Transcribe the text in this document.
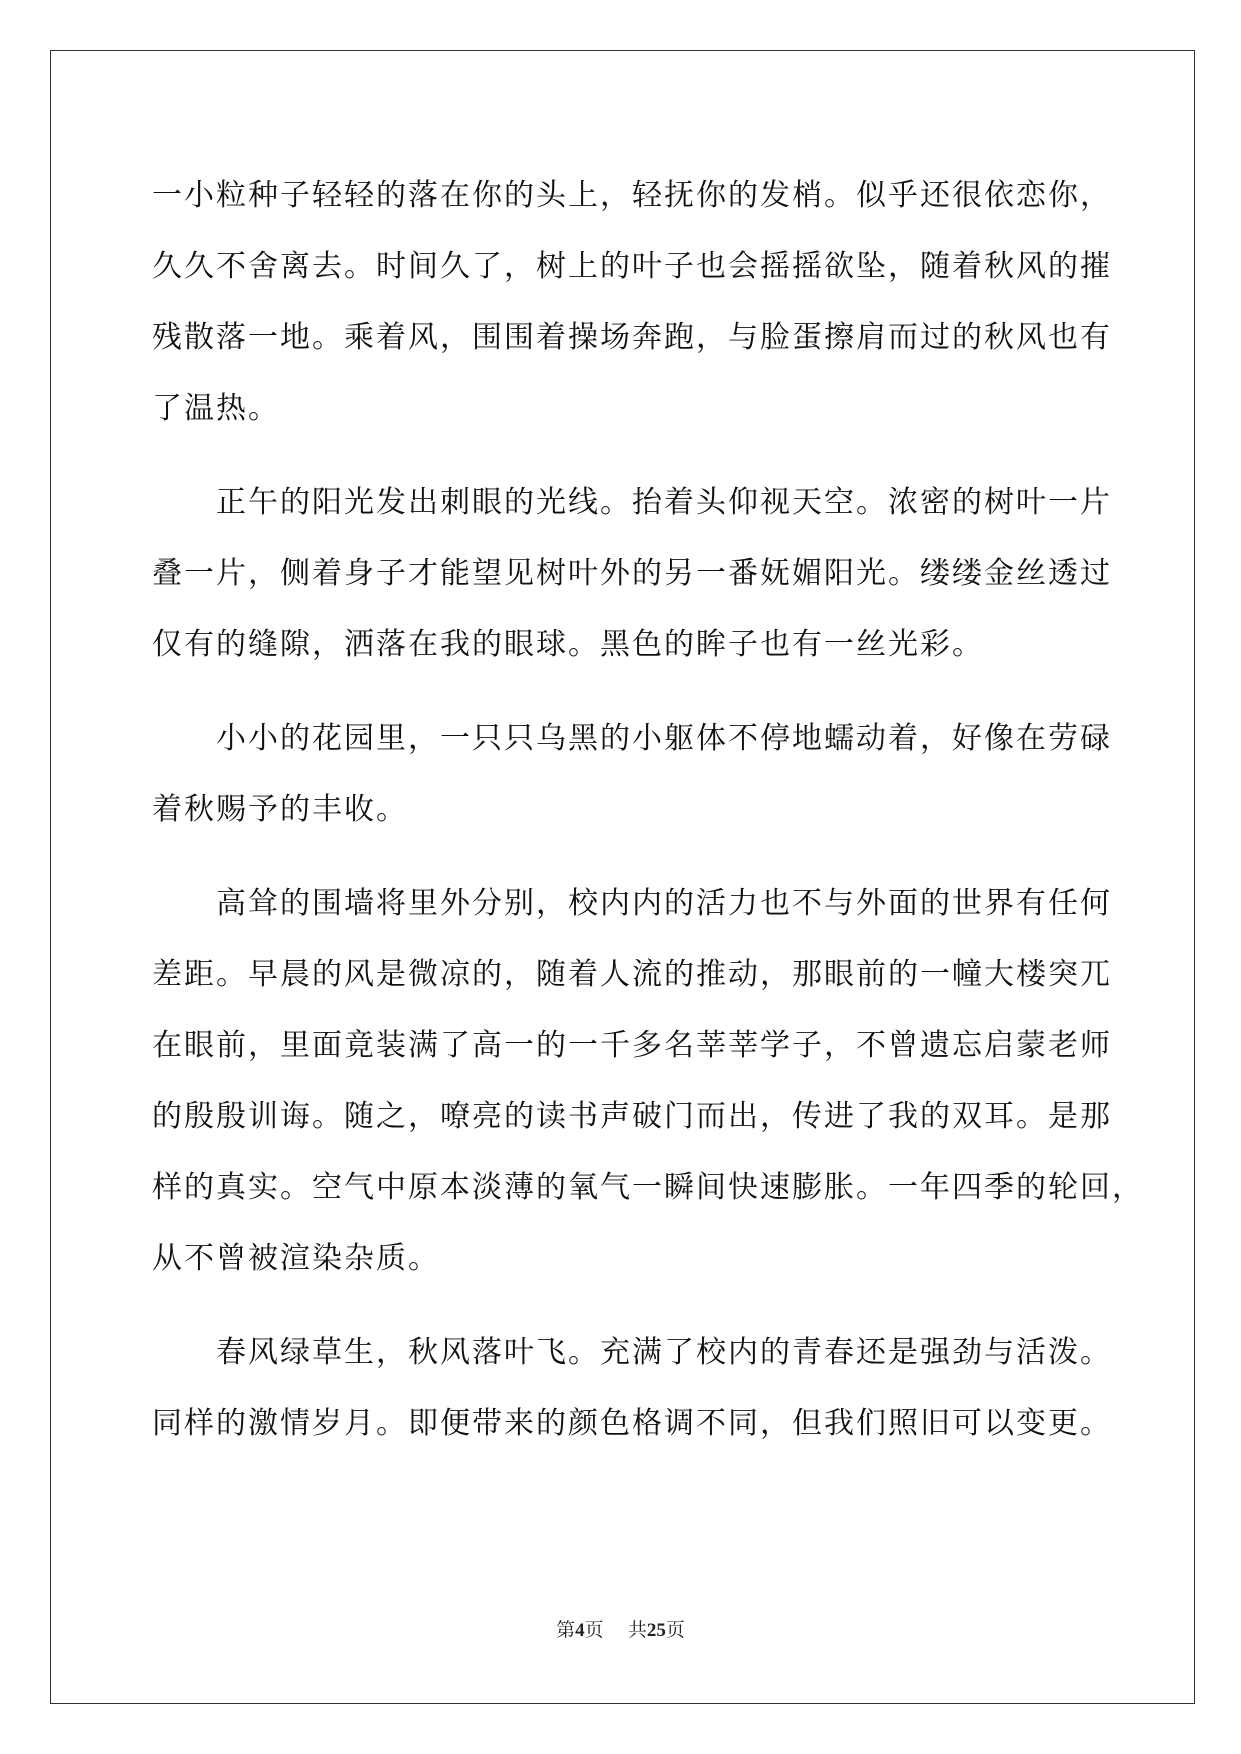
一小粒种子轻轻的落在你的头上，轻抚你的发梢。似乎还很依恋你，
久久不舍离去。时间久了，树上的叶子也会摇摇欲坠，随着秋风的摧
残散落一地。乘着风，围围着操场奔跑，与脸蛋擦肩而过的秋风也有
了温热。
正午的阳光发出刺眼的光线。抬着头仰视天空。浓密的树叶一片
叠一片，侧着身子才能望见树叶外的另一番妩媚阳光。缕缕金丝透过
仅有的缝隙，洒落在我的眼球。黑色的眸子也有一丝光彩。
小小的花园里，一只只乌黑的小躯体不停地蠕动着，好像在劳碌
着秋赐予的丰收。
高耸的围墙将里外分别，校内内的活力也不与外面的世界有任何
差距。早晨的风是微凉的，随着人流的推动，那眼前的一幢大楼突兀
在眼前，里面竟装满了高一的一千多名莘莘学子，不曾遗忘启蒙老师
的殷殷训诲。随之，嘹亮的读书声破门而出，传进了我的双耳。是那
样的真实。空气中原本淡薄的氧气一瞬间快速膨胀。一年四季的轮回，
从不曾被渲染杂质。
春风绿草生，秋风落叶飞。充满了校内的青春还是强劲与活泼。
同样的激情岁月。即便带来的颜色格调不同，但我们照旧可以变更。
第4页 共25页
